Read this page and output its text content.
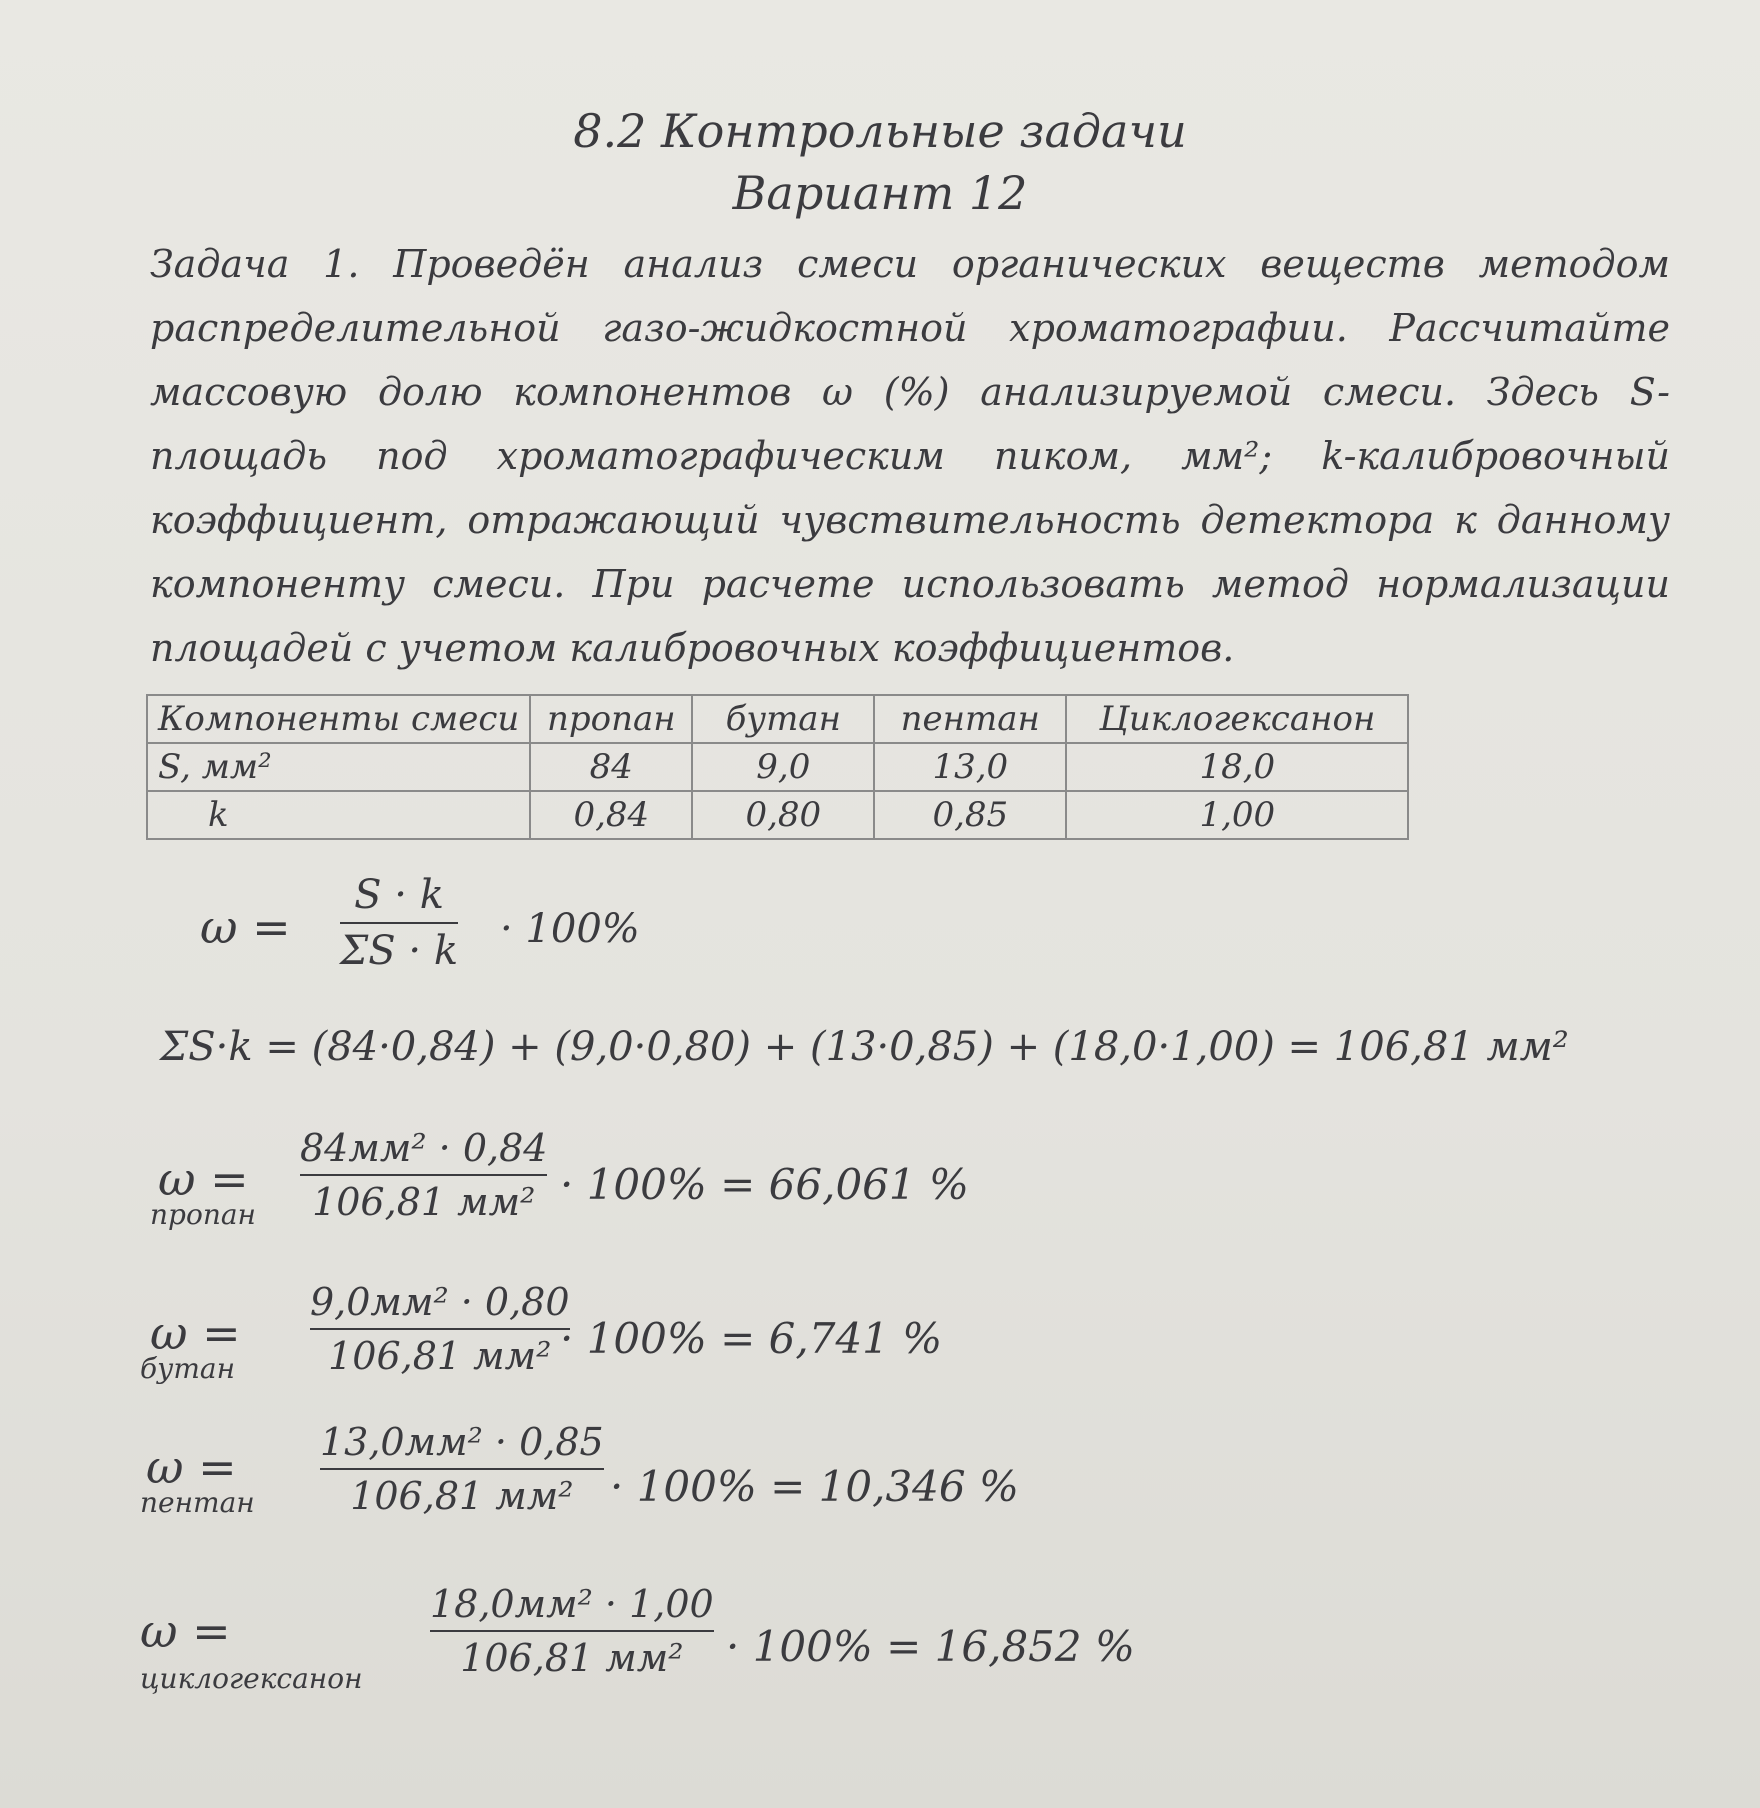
8.2 Контрольные задачи
Вариант 12
Задача 1. Проведён анализ смеси органических веществ методом распределительной газо-жидкостной хроматографии. Рассчитайте массовую долю компонентов ω (%) анализируемой смеси. Здесь S-площадь под хроматографическим пиком, мм²; k-калибровочный коэффициент, отражающий чувствительность детектора к данному компоненту смеси. При расчете использовать метод нормализации площадей с учетом калибровочных коэффициентов.
Компоненты смеси	пропан	бутан	пентан	Циклогексанон
S, мм²	84	9,0	13,0	18,0
k	0,84	0,80	0,85	1,00
ω =
S · k
ΣS · k · 100%
ΣS·k = (84·0,84) + (9,0·0,80) + (13·0,85) + (18,0·1,00) = 106,81 мм²
ω =
пропан
84мм² · 0,84
106,81 мм² · 100% = 66,061 %
ω =
бутан
9,0мм² · 0,80
106,81 мм² · 100% = 6,741 %
ω =
пентан
13,0мм² · 0,85
106,81 мм² · 100% = 10,346 %
ω =
циклогексанон
18,0мм² · 1,00
106,81 мм² · 100% = 16,852 %
